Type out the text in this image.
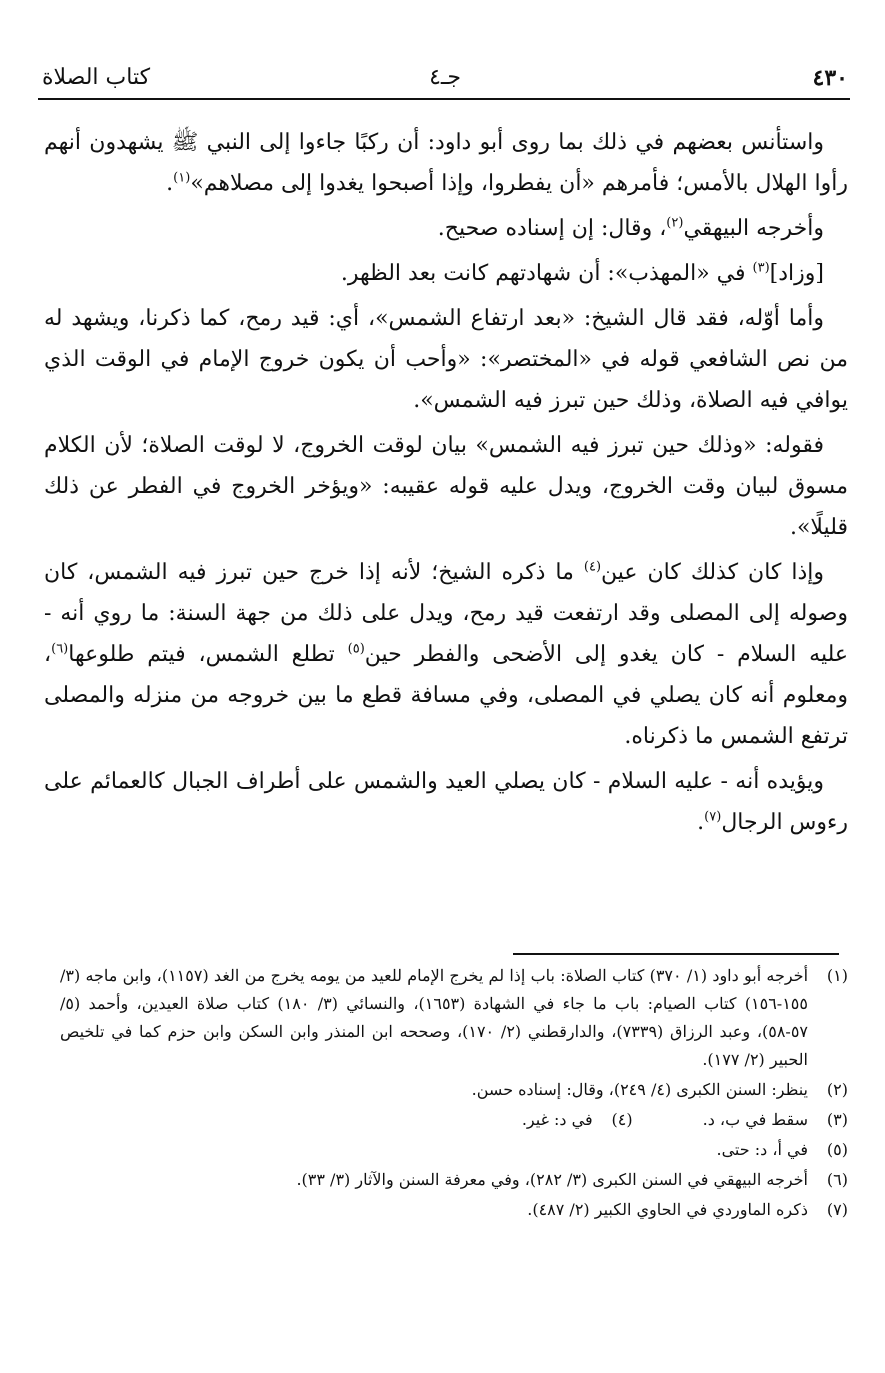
٤٣٠
جـ٤
كتاب الصلاة

واستأنس بعضهم في ذلك بما روى أبو داود: أن ركبًا جاءوا إلى النبي ﷺ يشهدون أنهم رأوا الهلال بالأمس؛ فأمرهم «أن يفطروا، وإذا أصبحوا يغدوا إلى مصلاهم»$^{(١)}$.

وأخرجه البيهقي$^{(٢)}$، وقال: إن إسناده صحيح.

[وزاد]$^{(٣)}$ في «المهذب»: أن شهادتهم كانت بعد الظهر.

وأما أوّله، فقد قال الشيخ: «بعد ارتفاع الشمس»، أي: قيد رمح، كما ذكرنا، ويشهد له من نص الشافعي قوله في «المختصر»: «وأحب أن يكون خروج الإمام في الوقت الذي يوافي فيه الصلاة، وذلك حين تبرز فيه الشمس».

فقوله: «وذلك حين تبرز فيه الشمس» بيان لوقت الخروج، لا لوقت الصلاة؛ لأن الكلام مسوق لبيان وقت الخروج، ويدل عليه قوله عقيبه: «ويؤخر الخروج في الفطر عن ذلك قليلًا».

وإذا كان كذلك كان عين$^{(٤)}$ ما ذكره الشيخ؛ لأنه إذا خرج حين تبرز فيه الشمس، كان وصوله إلى المصلى وقد ارتفعت قيد رمح، ويدل على ذلك من جهة السنة: ما روي أنه - عليه السلام - كان يغدو إلى الأضحى والفطر حين$^{(٥)}$ تطلع الشمس، فيتم طلوعها$^{(٦)}$، ومعلوم أنه كان يصلي في المصلى، وفي مسافة قطع ما بين خروجه من منزله والمصلى ترتفع الشمس ما ذكرناه.

ويؤيده أنه - عليه السلام - كان يصلي العيد والشمس على أطراف الجبال كالعمائم على رءوس الرجال$^{(٧)}$.

(١)
أخرجه أبو داود (١/ ٣٧٠) كتاب الصلاة: باب إذا لم يخرج الإمام للعيد من يومه يخرج من الغد (١١٥٧)، وابن ماجه (٣/ ١٥٥-١٥٦) كتاب الصيام: باب ما جاء في الشهادة (١٦٥٣)، والنسائي (٣/ ١٨٠) كتاب صلاة العيدين، وأحمد (٥/ ٥٧-٥٨)، وعبد الرزاق (٧٣٣٩)، والدارقطني (٢/ ١٧٠)، وصححه ابن المنذر وابن السكن وابن حزم كما في تلخيص الحبير (٢/ ١٧٧).
(٢)
ينظر: السنن الكبرى (٤/ ٢٤٩)، وقال: إسناده حسن.
(٣)
سقط في ب، د.
(٤)
في د: غير.
(٥)
في أ، د: حتى.
(٦)
أخرجه البيهقي في السنن الكبرى (٣/ ٢٨٢)، وفي معرفة السنن والآثار (٣/ ٣٣).
(٧)
ذكره الماوردي في الحاوي الكبير (٢/ ٤٨٧).
